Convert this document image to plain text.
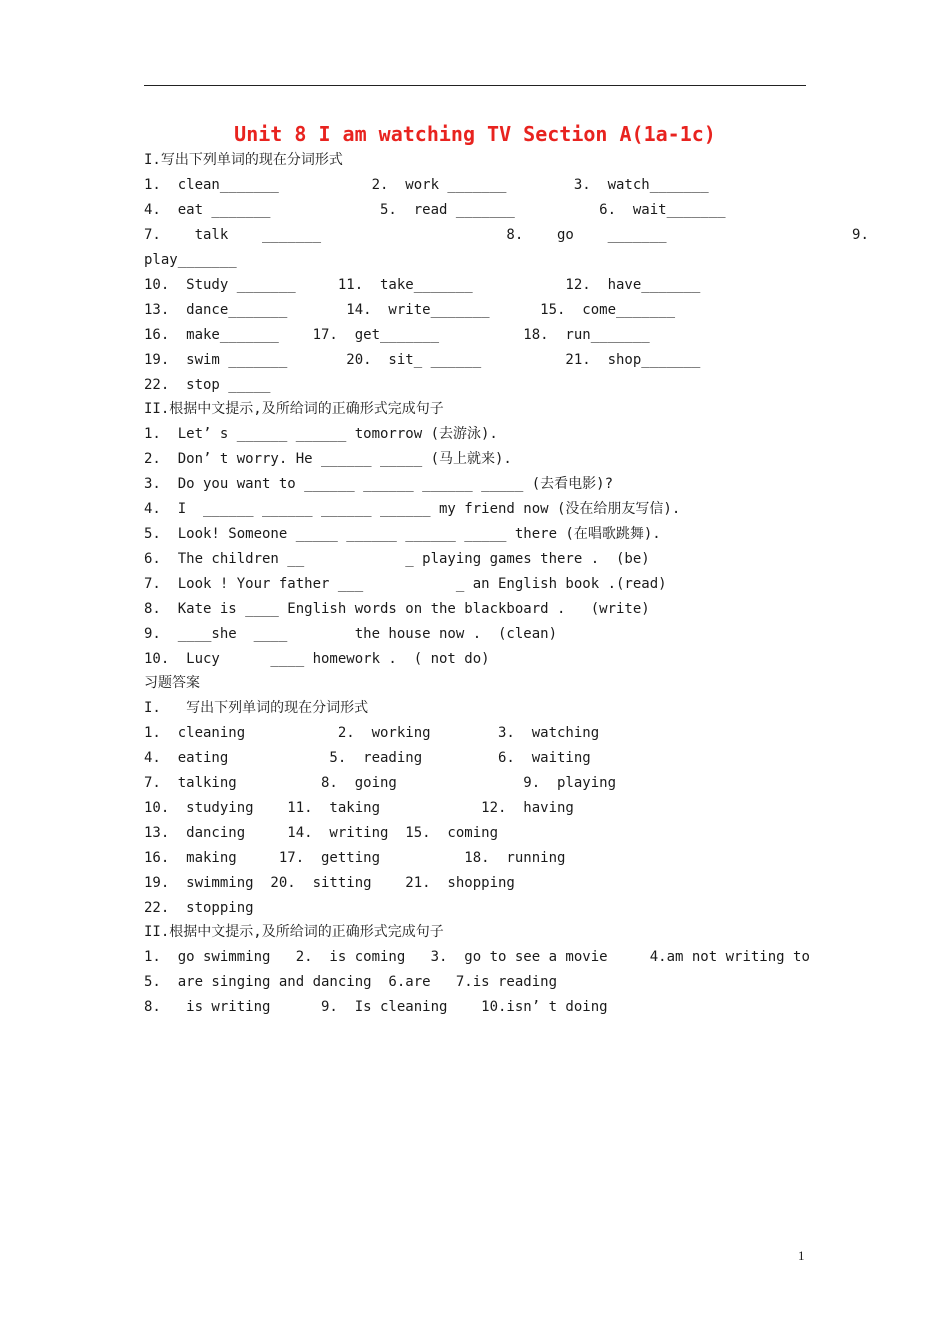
Unit 8 I am watching TV Section A(1a-1c)
I.写出下列单词的现在分词形式
1.  clean_______           2.  work _______        3.  watch_______
4.  eat _______             5.  read _______          6.  wait_______
7.    talk    _______                      8.    go    _______                      9.
play_______
10.  Study _______     11.  take_______           12.  have_______
13.  dance_______       14.  write_______      15.  come_______
16.  make_______    17.  get_______          18.  run_______
19.  swim _______       20.  sit_ ______          21.  shop_______
22.  stop _____
II.根据中文提示,及所给词的正确形式完成句子
1.  Let’ s ______ ______ tomorrow (去游泳).
2.  Don’ t worry. He ______ _____ (马上就来).
3.  Do you want to ______ ______ ______ _____ (去看电影)?
4.  I  ______ ______ ______ ______ my friend now (没在给朋友写信).
5.  Look! Someone _____ ______ ______ _____ there (在唱歌跳舞).
6.  The children __            _ playing games there .  (be)
7.  Look ! Your father ___           _ an English book .(read)
8.  Kate is ____ English words on the blackboard .   (write)
9.  ____she  ____        the house now .  (clean)
10.  Lucy      ____ homework .  ( not do)
习题答案
I.   写出下列单词的现在分词形式
1.  cleaning           2.  working        3.  watching
4.  eating            5.  reading         6.  waiting
7.  talking          8.  going               9.  playing
10.  studying    11.  taking            12.  having
13.  dancing     14.  writing  15.  coming
16.  making     17.  getting          18.  running
19.  swimming  20.  sitting    21.  shopping
22.  stopping
II.根据中文提示,及所给词的正确形式完成句子
1.  go swimming   2.  is coming   3.  go to see a movie     4.am not writing to
5.  are singing and dancing  6.are   7.is reading
8.   is writing      9.  Is cleaning    10.isn’ t doing
1
